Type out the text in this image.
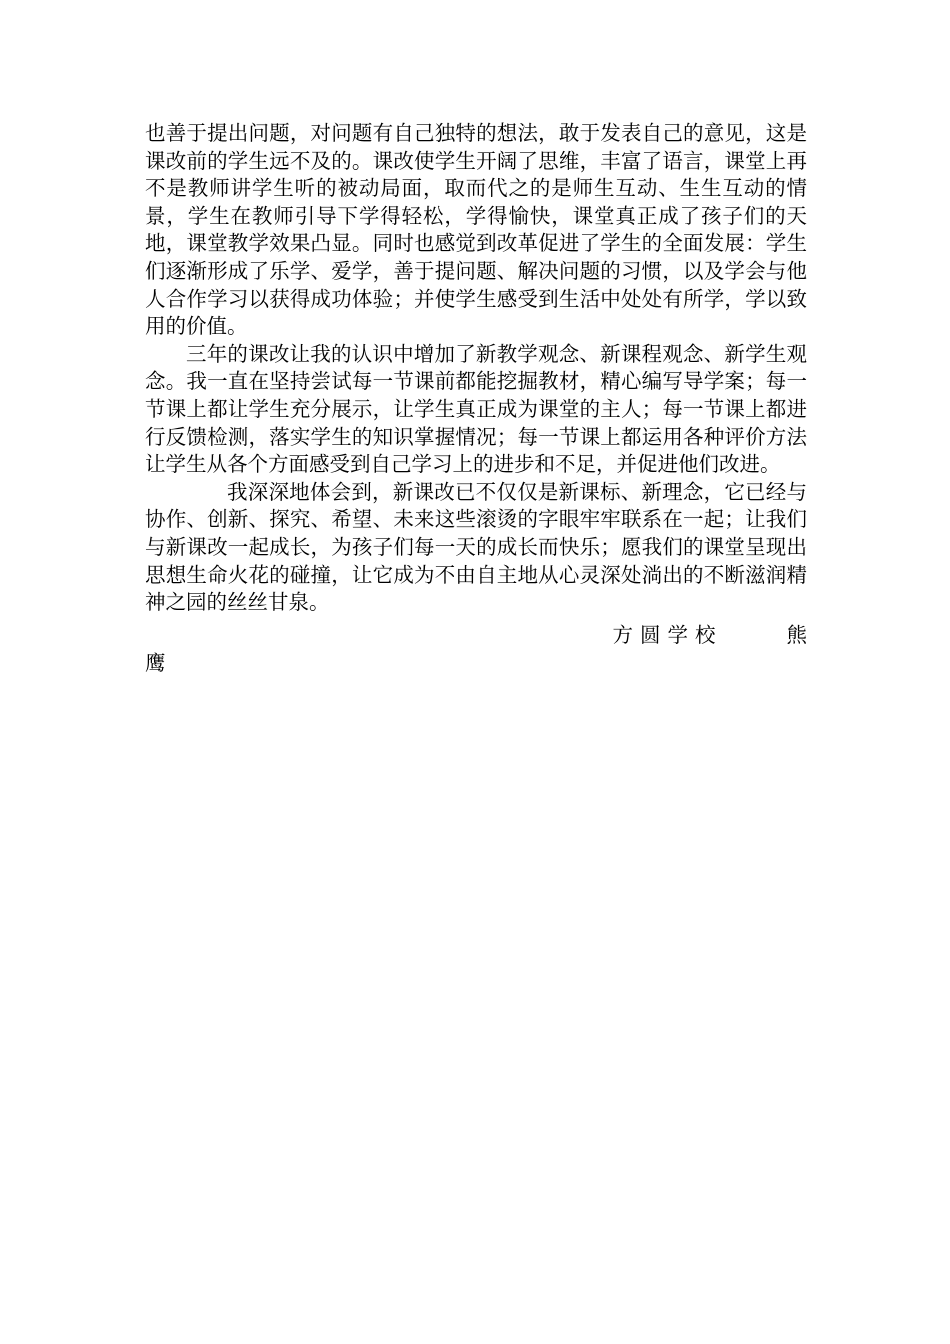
也善于提出问题，对问题有自己独特的想法，敢于发表自己的意见，这是课改前的学生远不及的。课改使学生开阔了思维，丰富了语言，课堂上再不是教师讲学生听的被动局面，取而代之的是师生互动、生生互动的情景，学生在教师引导下学得轻松，学得愉快，课堂真正成了孩子们的天地，课堂教学效果凸显。同时也感觉到改革促进了学生的全面发展：学生们逐渐形成了乐学、爱学，善于提问题、解决问题的习惯，以及学会与他人合作学习以获得成功体验；并使学生感受到生活中处处有所学，学以致用的价值。

三年的课改让我的认识中增加了新教学观念、新课程观念、新学生观念。我一直在坚持尝试每一节课前都能挖掘教材，精心编写导学案；每一节课上都让学生充分展示，让学生真正成为课堂的主人；每一节课上都进行反馈检测，落实学生的知识掌握情况；每一节课上都运用各种评价方法让学生从各个方面感受到自己学习上的进步和不足，并促进他们改进。

我深深地体会到，新课改已不仅仅是新课标、新理念，它已经与协作、创新、探究、希望、未来这些滚烫的字眼牢牢联系在一起；让我们与新课改一起成长，为孩子们每一天的成长而快乐；愿我们的课堂呈现出思想生命火花的碰撞，让它成为不由自主地从心灵深处淌出的不断滋润精神之园的丝丝甘泉。

方圆学校	熊
鹰
